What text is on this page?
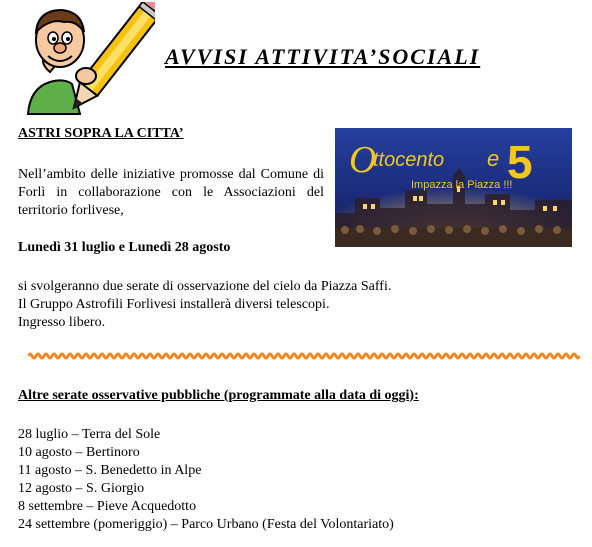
AVVISI ATTIVITA’SOCIALI
ASTRI SOPRA LA CITTA’
Nell’ambito delle iniziative promosse dal Comune di Forlì in collaborazione con le Associazioni del territorio forlivese,
Lunedì 31 luglio e Lunedì 28 agosto
si svolgeranno due serate di osservazione del cielo da Piazza Saffi.
Il Gruppo Astrofili Forlivesi installerà diversi telescopi.
Ingresso libero.
O
ttocento e 5
Impazza la Piazza !!!
Altre serate osservative pubbliche (programmate alla data di oggi):
28 luglio – Terra del Sole
10 agosto – Bertinoro
11 agosto – S. Benedetto in Alpe
12 agosto – S. Giorgio
8 settembre – Pieve Acquedotto
24 settembre (pomeriggio) – Parco Urbano (Festa del Volontariato)
